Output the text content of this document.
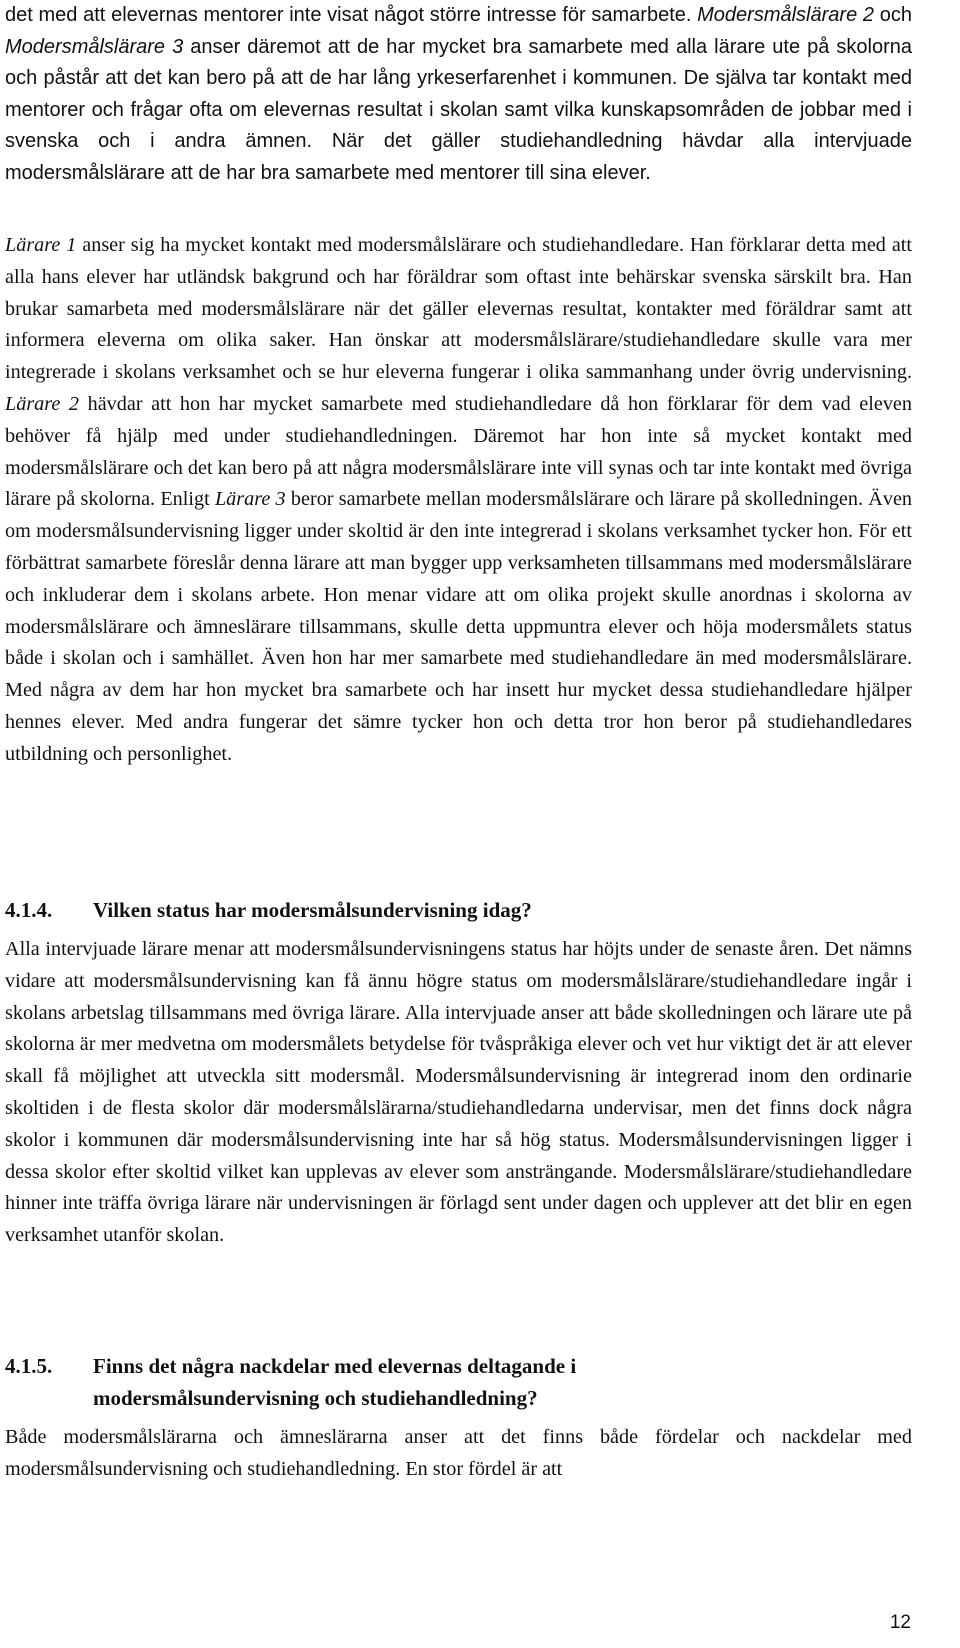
det med att elevernas mentorer inte visat något större intresse för samarbete. Modersmålslärare 2 och Modersmålslärare 3 anser däremot att de har mycket bra samarbete med alla lärare ute på skolorna och påstår att det kan bero på att de har lång yrkeserfarenhet i kommunen. De själva tar kontakt med mentorer och frågar ofta om elevernas resultat i skolan samt vilka kunskapsområden de jobbar med i svenska och i andra ämnen. När det gäller studiehandledning hävdar alla intervjuade modersmålslärare att de har bra samarbete med mentorer till sina elever.

Lärare 1 anser sig ha mycket kontakt med modersmålslärare och studiehandledare. Han förklarar detta med att alla hans elever har utländsk bakgrund och har föräldrar som oftast inte behärskar svenska särskilt bra. Han brukar samarbeta med modersmålslärare när det gäller elevernas resultat, kontakter med föräldrar samt att informera eleverna om olika saker. Han önskar att modersmålslärare/studiehandledare skulle vara mer integrerade i skolans verksamhet och se hur eleverna fungerar i olika sammanhang under övrig undervisning. Lärare 2 hävdar att hon har mycket samarbete med studiehandledare då hon förklarar för dem vad eleven behöver få hjälp med under studiehandledningen. Däremot har hon inte så mycket kontakt med modersmålslärare och det kan bero på att några modersmålslärare inte vill synas och tar inte kontakt med övriga lärare på skolorna. Enligt Lärare 3 beror samarbete mellan modersmålslärare och lärare på skolledningen. Även om modersmålsundervisning ligger under skoltid är den inte integrerad i skolans verksamhet tycker hon. För ett förbättrat samarbete föreslår denna lärare att man bygger upp verksamheten tillsammans med modersmålslärare och inkluderar dem i skolans arbete. Hon menar vidare att om olika projekt skulle anordnas i skolorna av modersmålslärare och ämneslärare tillsammans, skulle detta uppmuntra elever och höja modersmålets status både i skolan och i samhället. Även hon har mer samarbete med studiehandledare än med modersmålslärare. Med några av dem har hon mycket bra samarbete och har insett hur mycket dessa studiehandledare hjälper hennes elever. Med andra fungerar det sämre tycker hon och detta tror hon beror på studiehandledares utbildning och personlighet.

4.1.4. Vilken status har modersmålsundervisning idag?

Alla intervjuade lärare menar att modersmålsundervisningens status har höjts under de senaste åren. Det nämns vidare att modersmålsundervisning kan få ännu högre status om modersmålslärare/studiehandledare ingår i skolans arbetslag tillsammans med övriga lärare. Alla intervjuade anser att både skolledningen och lärare ute på skolorna är mer medvetna om modersmålets betydelse för tvåspråkiga elever och vet hur viktigt det är att elever skall få möjlighet att utveckla sitt modersmål. Modersmålsundervisning är integrerad inom den ordinarie skoltiden i de flesta skolor där modersmålslärarna/studiehandledarna undervisar, men det finns dock några skolor i kommunen där modersmålsundervisning inte har så hög status. Modersmålsundervisningen ligger i dessa skolor efter skoltid vilket kan upplevas av elever som ansträngande. Modersmålslärare/studiehandledare hinner inte träffa övriga lärare när undervisningen är förlagd sent under dagen och upplever att det blir en egen verksamhet utanför skolan.

4.1.5.	Finns det några nackdelar med elevernas deltagande i
modersmålsundervisning och studiehandledning?

Både modersmålslärarna och ämneslärarna anser att det finns både fördelar och nackdelar med modersmålsundervisning och studiehandledning. En stor fördel är att

12
